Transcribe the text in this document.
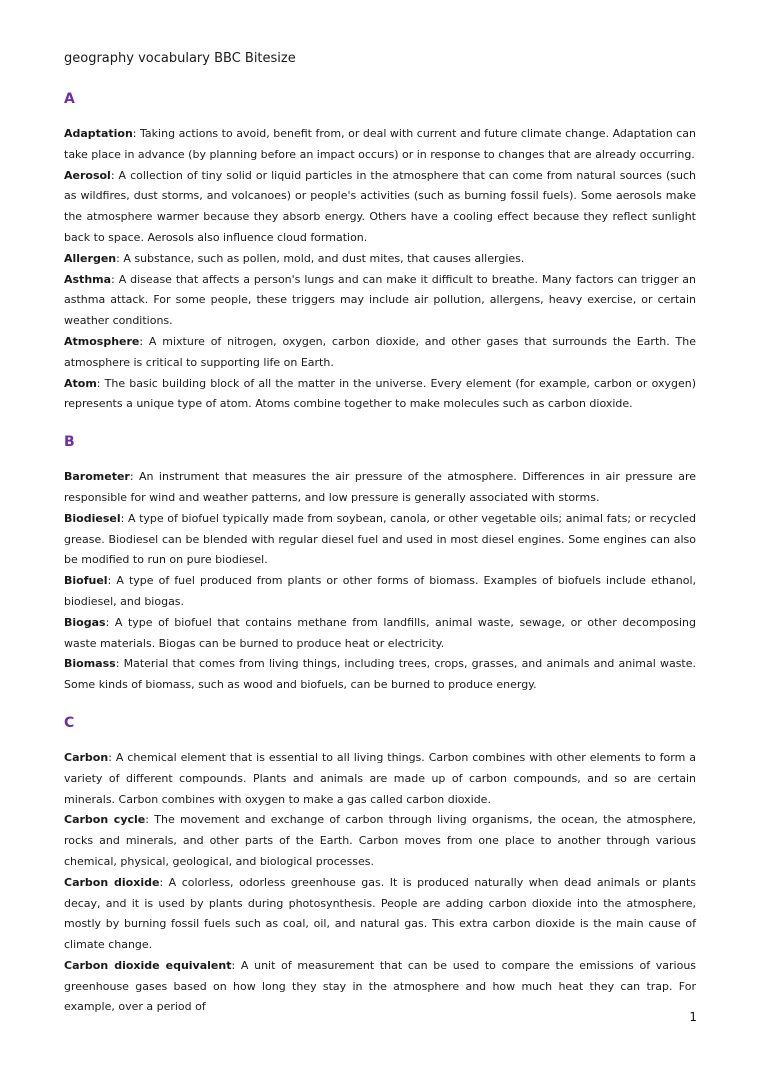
geography vocabulary BBC Bitesize
A

Adaptation: Taking actions to avoid, benefit from, or deal with current and future climate change. Adaptation can take place in advance (by planning before an impact occurs) or in response to changes that are already occurring.

Aerosol: A collection of tiny solid or liquid particles in the atmosphere that can come from natural sources (such as wildfires, dust storms, and volcanoes) or people's activities (such as burning fossil fuels). Some aerosols make the atmosphere warmer because they absorb energy. Others have a cooling effect because they reflect sunlight back to space. Aerosols also influence cloud formation.

Allergen: A substance, such as pollen, mold, and dust mites, that causes allergies.

Asthma: A disease that affects a person's lungs and can make it difficult to breathe. Many factors can trigger an asthma attack. For some people, these triggers may include air pollution, allergens, heavy exercise, or certain weather conditions.

Atmosphere: A mixture of nitrogen, oxygen, carbon dioxide, and other gases that surrounds the Earth. The atmosphere is critical to supporting life on Earth.

Atom: The basic building block of all the matter in the universe. Every element (for example, carbon or oxygen) represents a unique type of atom. Atoms combine together to make molecules such as carbon dioxide.

B

Barometer: An instrument that measures the air pressure of the atmosphere. Differences in air pressure are responsible for wind and weather patterns, and low pressure is generally associated with storms.

Biodiesel: A type of biofuel typically made from soybean, canola, or other vegetable oils; animal fats; or recycled grease. Biodiesel can be blended with regular diesel fuel and used in most diesel engines. Some engines can also be modified to run on pure biodiesel.

Biofuel: A type of fuel produced from plants or other forms of biomass. Examples of biofuels include ethanol, biodiesel, and biogas.

Biogas: A type of biofuel that contains methane from landfills, animal waste, sewage, or other decomposing waste materials. Biogas can be burned to produce heat or electricity.

Biomass: Material that comes from living things, including trees, crops, grasses, and animals and animal waste. Some kinds of biomass, such as wood and biofuels, can be burned to produce energy.

C

Carbon: A chemical element that is essential to all living things. Carbon combines with other elements to form a variety of different compounds. Plants and animals are made up of carbon compounds, and so are certain minerals. Carbon combines with oxygen to make a gas called carbon dioxide.

Carbon cycle: The movement and exchange of carbon through living organisms, the ocean, the atmosphere, rocks and minerals, and other parts of the Earth. Carbon moves from one place to another through various chemical, physical, geological, and biological processes.

Carbon dioxide: A colorless, odorless greenhouse gas. It is produced naturally when dead animals or plants decay, and it is used by plants during photosynthesis. People are adding carbon dioxide into the atmosphere, mostly by burning fossil fuels such as coal, oil, and natural gas. This extra carbon dioxide is the main cause of climate change.

Carbon dioxide equivalent: A unit of measurement that can be used to compare the emissions of various greenhouse gases based on how long they stay in the atmosphere and how much heat they can trap. For example, over a period of

1
